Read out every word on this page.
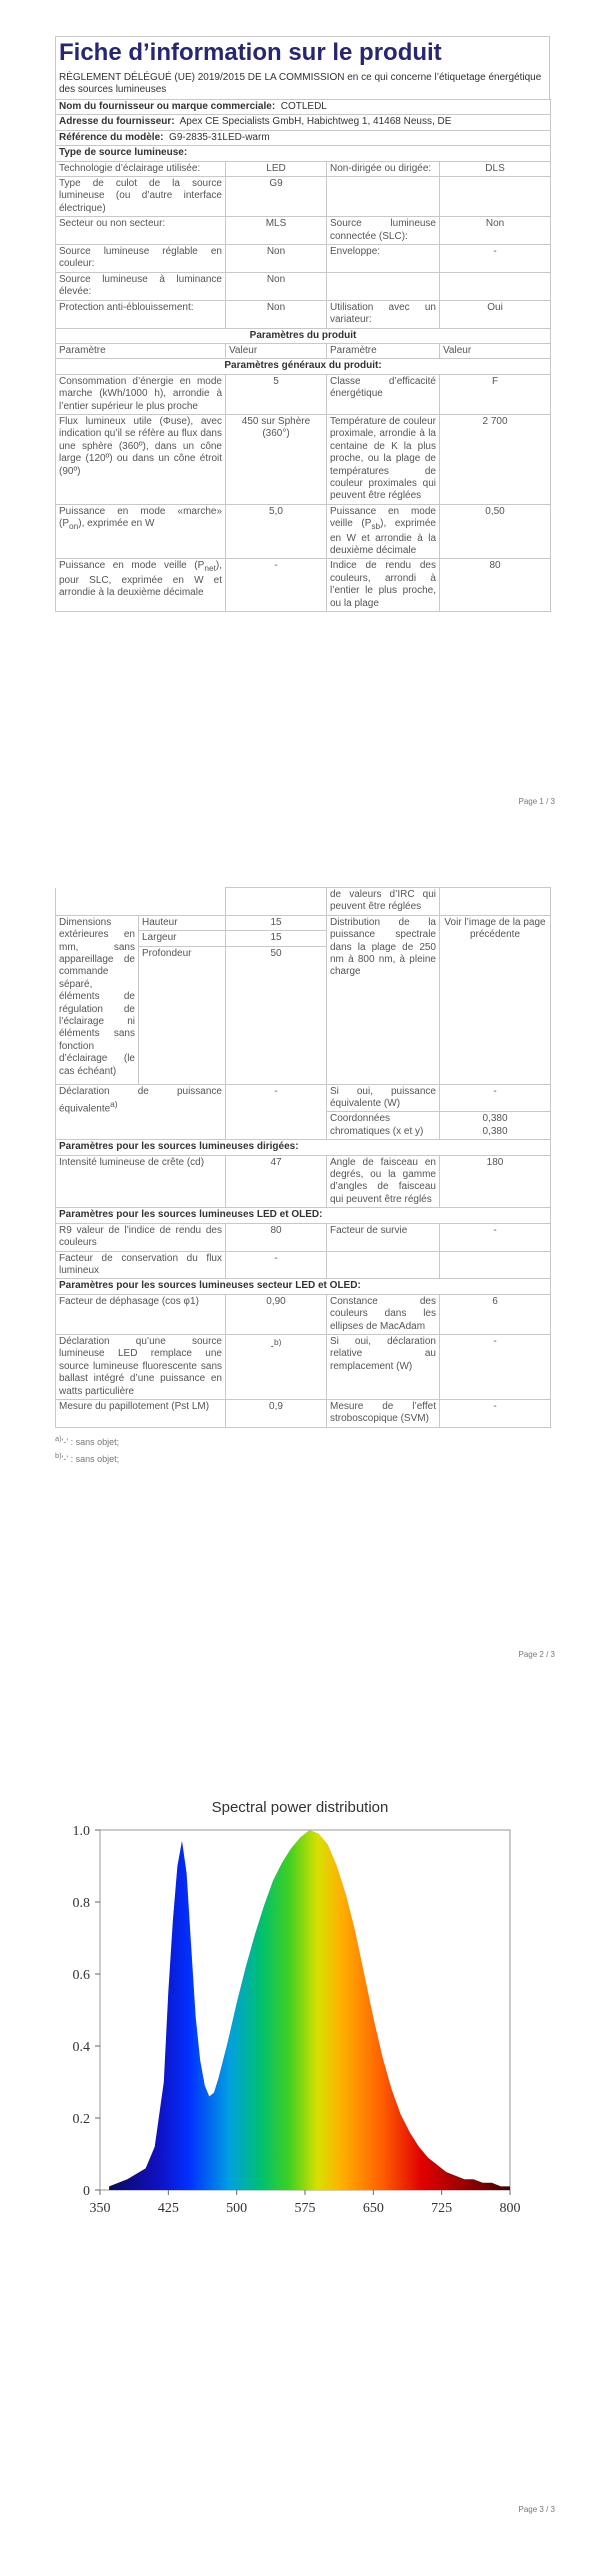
Fiche d’information sur le produit
RÈGLEMENT DÉLÉGUÉ (UE) 2019/2015 DE LA COMMISSION en ce qui concerne l’étiquetage énergétique des sources lumineuses
Nom du fournisseur ou marque commerciale: COTLEDL			
Adresse du fournisseur: Apex CE Specialists GmbH, Habichtweg 1, 41468 Neuss, DE			
Référence du modèle: G9-2835-31LED-warm			
Type de source lumineuse:			
Technologie d’éclairage utilisée:	LED	Non-dirigée ou dirigée:	DLS
Type de culot de la source lumineuse (ou d’autre interface électrique)	G9		
Secteur ou non secteur:	MLS	Source lumineuse connectée (SLC):	Non
Source lumineuse réglable en couleur:	Non	Enveloppe:	-
Source lumineuse à luminance élevée:	Non		
Protection anti-éblouissement:	Non	Utilisation avec un variateur:	Oui
Paramètres du produit			
Paramètre	Valeur	Paramètre	Valeur
Paramètres généraux du produit:			
Consommation d’énergie en mode marche (kWh/1000 h), arrondie à l’entier supérieur le plus proche	5	Classe d’efficacité énergétique	F
Flux lumineux utile (Φuse), avec indication qu’il se réfère au flux dans une sphère (360º), dans un cône large (120º) ou dans un cône étroit (90º)	450 sur Sphère (360°)	Température de couleur proximale, arrondie à la centaine de K la plus proche, ou la plage de températures de couleur proximales qui peuvent être réglées	2 700
Puissance en mode «marche» $(P_{on})$, exprimée en W	5,0	Puissance en mode veille $(P_{sb})$, exprimée en W et arrondie à la deuxième décimale	0,50
Puissance en mode veille $(P_{net})$, pour SLC, exprimée en W et arrondie à la deuxième décimale	-	Indice de rendu des couleurs, arrondi à l’entier le plus proche, ou la plage	80
Page 1 / 3
			de valeurs d’IRC qui peuvent être réglées	
Dimensions extérieures en mm, sans appareillage de commande séparé, éléments de régulation de l’éclairage ni éléments sans fonction d’éclairage (le cas échéant)	Hauteur	15	Distribution de la puissance spectrale dans la plage de 250 nm à 800 nm, à pleine charge	Voir l’image de la page précédente
	Largeur	15		
	Profondeur	50		
Déclaration de puissance équivalente$^{a)}$		-	Si oui, puissance équivalente (W)	-
			Coordonnées chromatiques (x et y)	0,380
0,380

Paramètres pour les sources lumineuses dirigées:				
Intensité lumineuse de crête (cd)		47	Angle de faisceau en degrés, ou la gamme d’angles de faisceau qui peuvent être réglés	180
Paramètres pour les sources lumineuses LED et OLED:				
R9 valeur de l’indice de rendu des couleurs		80	Facteur de survie	-
Facteur de conservation du flux lumineux		-		
Paramètres pour les sources lumineuses secteur LED et OLED:				
Facteur de déphasage (cos φ1)		0,90	Constance des couleurs dans les ellipses de MacAdam	6
Déclaration qu’une source lumineuse LED remplace une source lumineuse fluorescente sans ballast intégré d’une puissance en watts particulière		-$^{b)}$	Si oui, déclaration relative au remplacement (W)	-
Mesure du papillotement (Pst LM)		0,9	Mesure de l’effet stroboscopique (SVM)	-
$^{a)}$'-' : sans objet;
$^{b)}$'-' : sans objet;
Page 2 / 3
Spectral power distribution
0
0.2
0.4
0.6
0.8
1.0
350	425	500	575	650	725	800
Page 3 / 3
